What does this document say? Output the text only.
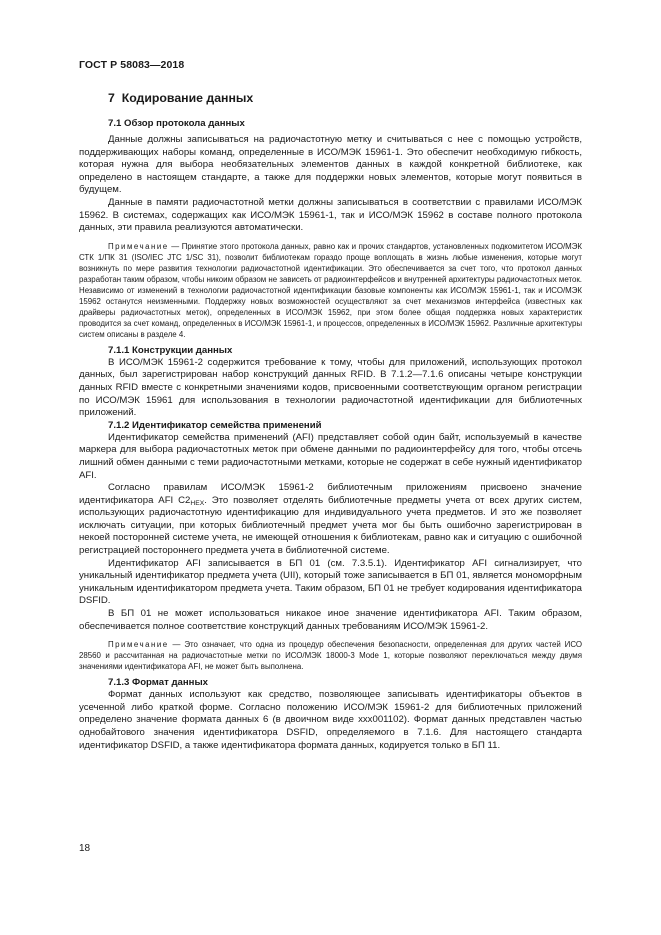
ГОСТ Р 58083—2018
7 Кодирование данных
7.1 Обзор протокола данных

Данные должны записываться на радиочастотную метку и считываться с нее с помощью устройств, поддерживающих наборы команд, определенные в ИСО/МЭК 15961-1. Это обеспечит необходимую гибкость, которая нужна для выбора необязательных элементов данных в каждой конкретной библиотеке, как определено в настоящем стандарте, а также для поддержки новых элементов, которые могут появиться в будущем.

Данные в памяти радиочастотной метки должны записываться в соответствии с правилами ИСО/МЭК 15962. В системах, содержащих как ИСО/МЭК 15961-1, так и ИСО/МЭК 15962 в составе полного протокола данных, эти правила реализуются автоматически.

Примечание — Принятие этого протокола данных, равно как и прочих стандартов, установленных подкомитетом ИСО/МЭК СТК 1/ПК 31 (ISO/IEC JTC 1/SC 31), позволит библиотекам гораздо проще воплощать в жизнь любые изменения, которые могут возникнуть по мере развития технологии радиочастотной идентификации. Это обеспечивается за счет того, что протокол данных разработан таким образом, чтобы никоим образом не зависеть от радиоинтерфейсов и внутренней архитектуры радиочастотных меток. Независимо от изменений в технологии радиочастотной идентификации базовые компоненты как ИСО/МЭК 15961-1, так и ИСО/МЭК 15962 останутся неизменными. Поддержку новых возможностей осуществляют за счет механизмов интерфейса (известных как драйверы радиочастотных меток), определенных в ИСО/МЭК 15962, при этом более общая поддержка новых характеристик проводится за счет команд, определенных в ИСО/МЭК 15961-1, и процессов, определенных в ИСО/МЭК 15962. Различные архитектуры систем описаны в разделе 4.

7.1.1 Конструкции данных

В ИСО/МЭК 15961-2 содержится требование к тому, чтобы для приложений, использующих протокол данных, был зарегистрирован набор конструкций данных RFID. В 7.1.2—7.1.6 описаны четыре конструкции данных RFID вместе с конкретными значениями кодов, присвоенными соответствующим органом регистрации по ИСО/МЭК 15961 для использования в технологии радиочастотной идентификации для библиотечных приложений.

7.1.2 Идентификатор семейства применений

Идентификатор семейства применений (AFI) представляет собой один байт, используемый в качестве маркера для выбора радиочастотных меток при обмене данными по радиоинтерфейсу для того, чтобы отсечь лишний обмен данными с теми радиочастотными метками, которые не содержат в себе нужный идентификатор AFI.

Согласно правилам ИСО/МЭК 15961-2 библиотечным приложениям присвоено значение идентификатора AFI $C2_{HEX}$. Это позволяет отделять библиотечные предметы учета от всех других систем, использующих радиочастотную идентификацию для индивидуального учета предметов. И это же позволяет исключать ситуации, при которых библиотечный предмет учета мог бы быть ошибочно зарегистрирован в некоей посторонней системе учета, не имеющей отношения к библиотекам, равно как и ситуацию с ошибочной регистрацией постороннего предмета учета в библиотечной системе.

Идентификатор AFI записывается в БП 01 (см. 7.3.5.1). Идентификатор AFI сигнализирует, что уникальный идентификатор предмета учета (UII), который тоже записывается в БП 01, является мономорфным уникальным идентификатором предмета учета. Таким образом, БП 01 не требует кодирования идентификатора DSFID.

В БП 01 не может использоваться никакое иное значение идентификатора AFI. Таким образом, обеспечивается полное соответствие конструкций данных требованиям ИСО/МЭК 15961-2.

Примечание — Это означает, что одна из процедур обеспечения безопасности, определенная для других частей ИСО 28560 и рассчитанная на радиочастотные метки по ИСО/МЭК 18000-3 Mode 1, которые позволяют переключаться между двумя значениями идентификатора AFI, не может быть выполнена.

7.1.3 Формат данных

Формат данных используют как средство, позволяющее записывать идентификаторы объектов в усеченной либо краткой форме. Согласно положению ИСО/МЭК 15961-2 для библиотечных приложений определено значение формата данных 6 (в двоичном виде ххх001102). Формат данных представлен частью однобайтового значения идентификатора DSFID, определяемого в 7.1.6. Для настоящего стандарта идентификатор DSFID, а также идентификатора формата данных, кодируется только в БП 11.

18
